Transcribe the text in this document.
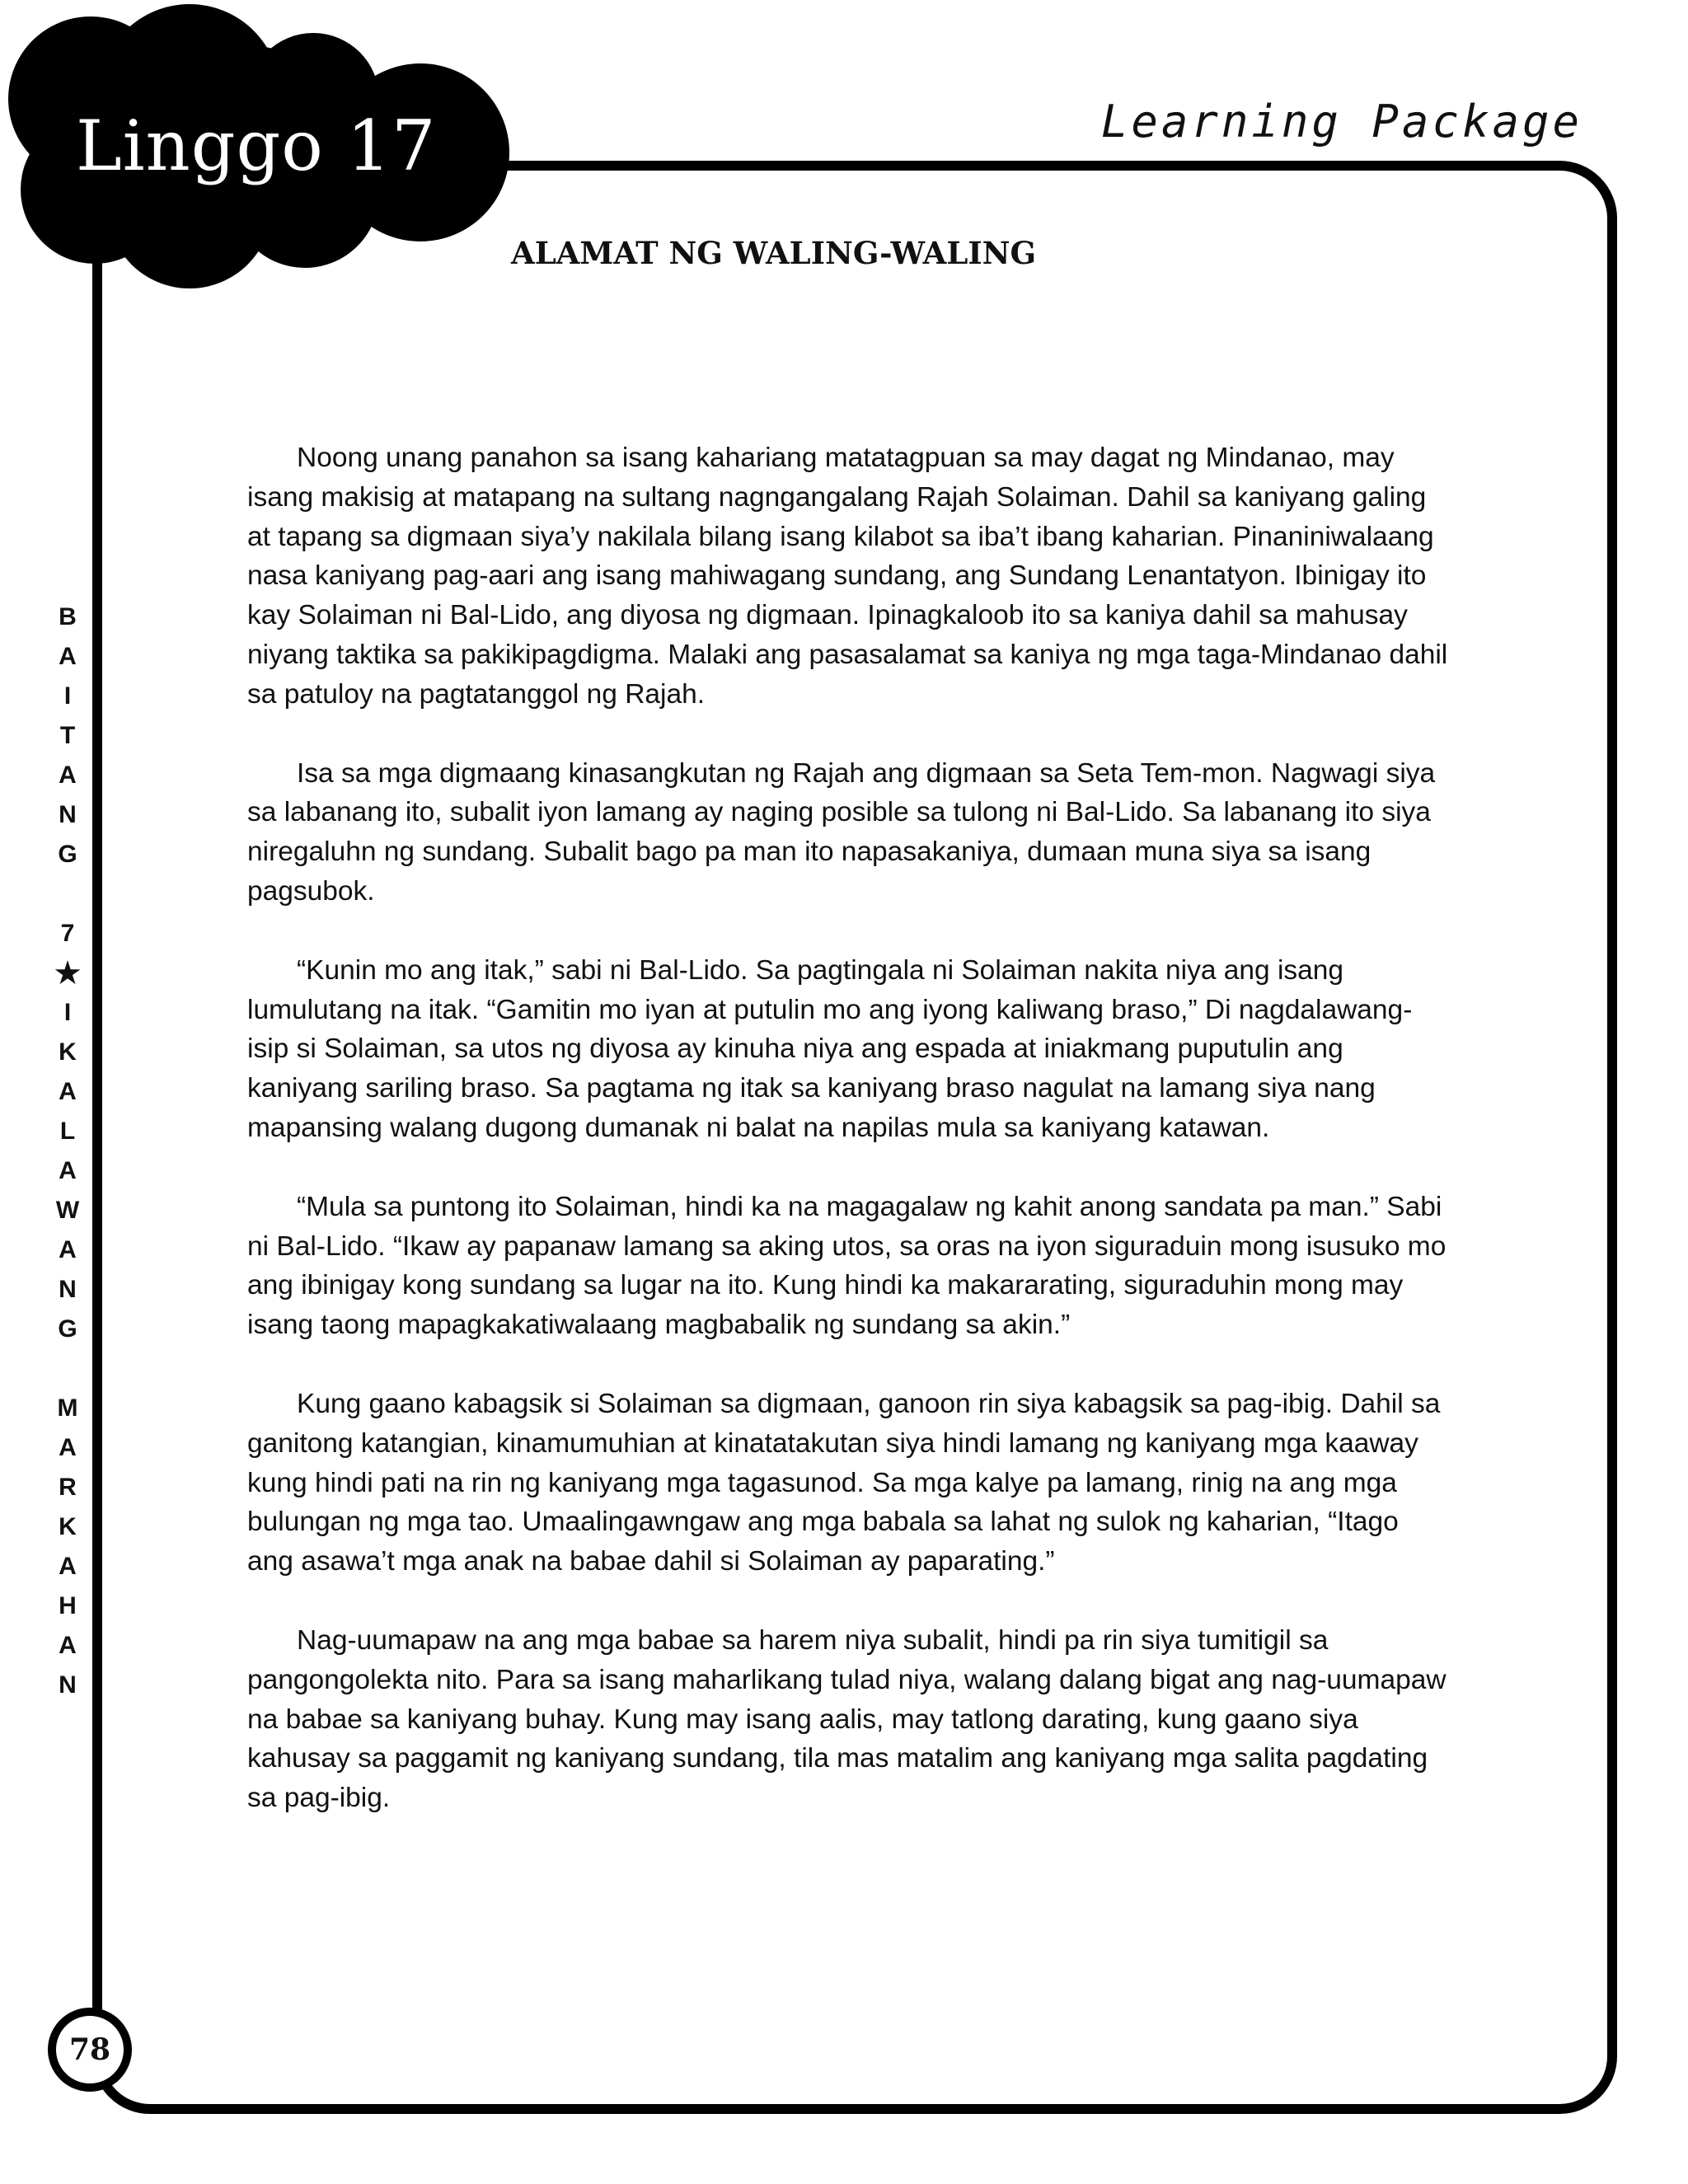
Linggo 17	Learning Package
ALAMAT NG WALING-WALING
B
A
I
T
A
N
G
7
★
I
K
A
L
A
W
A
N
G
M
A
R
K
A
H
A
N

Noong unang panahon sa isang kahariang matatagpuan sa may dagat ng Mindanao, may isang makisig at matapang na sultang nagngangalang Rajah Solaiman. Dahil sa kaniyang galing at tapang sa digmaan siya’y nakilala bilang isang kilabot sa iba’t ibang kaharian. Pinaniniwalaang nasa kaniyang pag-aari ang isang mahiwagang sundang, ang Sundang Lenantatyon. Ibinigay ito kay Solaiman ni Bal-Lido, ang diyosa ng digmaan. Ipinagkaloob ito sa kaniya dahil sa mahusay niyang taktika sa pakikipagdigma. Malaki ang pasasalamat sa kaniya ng mga taga-Mindanao dahil sa patuloy na pagtatanggol ng Rajah.

Isa sa mga digmaang kinasangkutan ng Rajah ang digmaan sa Seta Tem-mon. Nagwagi siya sa labanang ito, subalit iyon lamang ay naging posible sa tulong ni Bal-Lido. Sa labanang ito siya niregaluhn ng sundang. Subalit bago pa man ito napasakaniya, dumaan muna siya sa isang pagsubok.

“Kunin mo ang itak,” sabi ni Bal-Lido. Sa pagtingala ni Solaiman nakita niya ang isang lumulutang na itak. “Gamitin mo iyan at putulin mo ang iyong kaliwang braso,” Di nagdalawang-isip si Solaiman, sa utos ng diyosa ay kinuha niya ang espada at iniakmang puputulin ang kaniyang sariling braso. Sa pagtama ng itak sa kaniyang braso nagulat na lamang siya nang mapansing walang dugong dumanak ni balat na napilas mula sa kaniyang katawan.

“Mula sa puntong ito Solaiman, hindi ka na magagalaw ng kahit anong sandata pa man.” Sabi ni Bal-Lido. “Ikaw ay papanaw lamang sa aking utos, sa oras na iyon siguraduin mong isusuko mo ang ibinigay kong sundang sa lugar na ito. Kung hindi ka makararating, siguraduhin mong may isang taong mapagkakatiwalaang magbabalik ng sundang sa akin.”

Kung gaano kabagsik si Solaiman sa digmaan, ganoon rin siya kabagsik sa pag-ibig. Dahil sa ganitong katangian, kinamumuhian at kinatatakutan siya hindi lamang ng kaniyang mga kaaway kung hindi pati na rin ng kaniyang mga tagasunod. Sa mga kalye pa lamang, rinig na ang mga bulungan ng mga tao. Umaalingawngaw ang mga babala sa lahat ng sulok ng kaharian, “Itago ang asawa’t mga anak na babae dahil si Solaiman ay paparating.”

Nag-uumapaw na ang mga babae sa harem niya subalit, hindi pa rin siya tumitigil sa pangongolekta nito. Para sa isang maharlikang tulad niya, walang dalang bigat ang nag-uumapaw na babae sa kaniyang buhay. Kung may isang aalis, may tatlong darating, kung gaano siya kahusay sa paggamit ng kaniyang sundang, tila mas matalim ang kaniyang mga salita pagdating sa pag-ibig.

78
